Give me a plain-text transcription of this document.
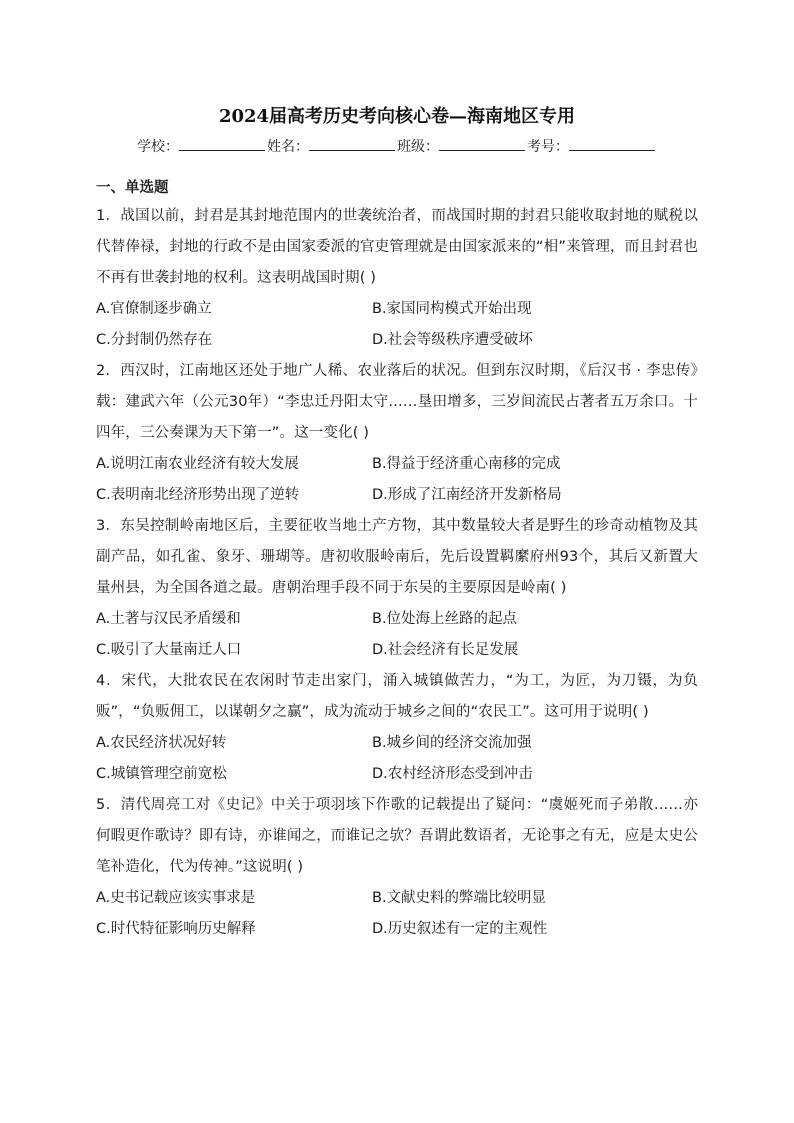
2024届高考历史考向核心卷—海南地区专用
学校：	姓名：	班级：	考号：
一、单选题

1．战国以前，封君是其封地范围内的世袭统治者，而战国时期的封君只能收取封地的赋税以代替俸禄，封地的行政不是由国家委派的官吏管理就是由国家派来的“相”来管理，而且封君也不再有世袭封地的权利。这表明战国时期( )

A.官僚制逐步确立	B.家国同构模式开始出现
C.分封制仍然存在	D.社会等级秩序遭受破坏

2．西汉时，江南地区还处于地广人稀、农业落后的状况。但到东汉时期，《后汉书 · 李忠传》载：建武六年（公元30年）“李忠迁丹阳太守……垦田增多，三岁间流民占著者五万余口。十四年，三公奏课为天下第一”。这一变化( )

A.说明江南农业经济有较大发展	B.得益于经济重心南移的完成
C.表明南北经济形势出现了逆转	D.形成了江南经济开发新格局

3．东吴控制岭南地区后，主要征收当地土产方物，其中数量较大者是野生的珍奇动植物及其副产品，如孔雀、象牙、珊瑚等。唐初收服岭南后，先后设置羁縻府州93个，其后又新置大量州县，为全国各道之最。唐朝治理手段不同于东吴的主要原因是岭南( )

A.土著与汉民矛盾缓和	B.位处海上丝路的起点
C.吸引了大量南迁人口	D.社会经济有长足发展

4．宋代，大批农民在农闲时节走出家门，涌入城镇做苦力，“为工，为匠，为刀镊，为负贩”，“负贩佣工，以谋朝夕之赢”，成为流动于城乡之间的“农民工”。这可用于说明( )

A.农民经济状况好转	B.城乡间的经济交流加强
C.城镇管理空前宽松	D.农村经济形态受到冲击

5．清代周亮工对《史记》中关于项羽垓下作歌的记载提出了疑问：“虞姬死而子弟散……亦何暇更作歌诗？即有诗，亦谁闻之，而谁记之欤？吾谓此数语者，无论事之有无，应是太史公笔补造化，代为传神。”这说明( )

A.史书记载应该实事求是	B.文献史料的弊端比较明显
C.时代特征影响历史解释	D.历史叙述有一定的主观性
